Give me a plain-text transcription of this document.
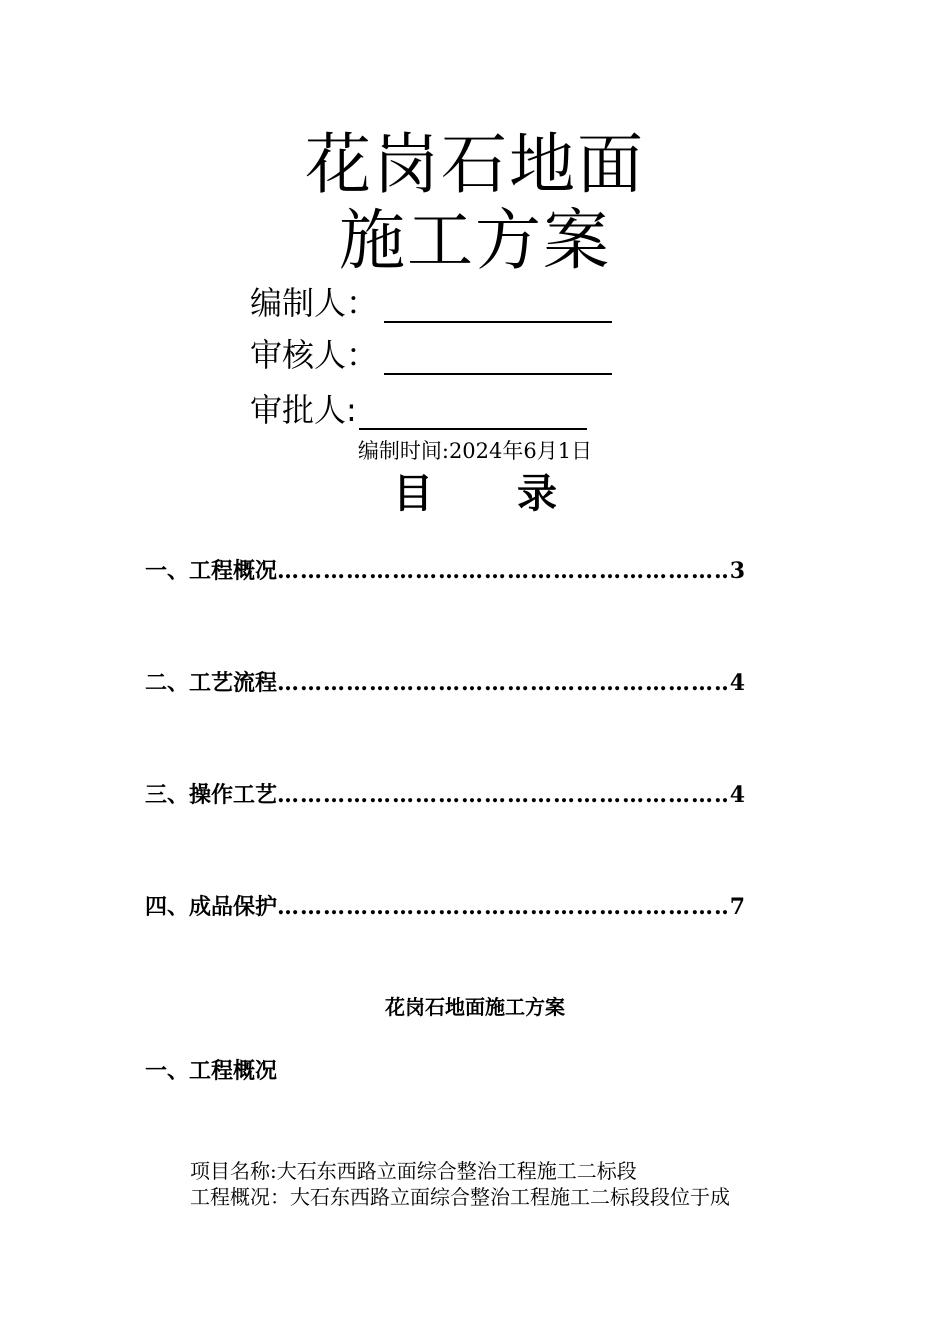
花岗石地面
施工方案
编制人：
审核人：
审批人:
编制时间:2024年6月1日
目录
一、工程概况 …………………………………………………………………………………………………………	3
二、工艺流程 …………………………………………………………………………………………………………	4
三、操作工艺 …………………………………………………………………………………………………………	4
四、成品保护 …………………………………………………………………………………………………………	7
花岗石地面施工方案
一、工程概况
项目名称:大石东西路立面综合整治工程施工二标段
工程概况：大石东西路立面综合整治工程施工二标段段位于成
